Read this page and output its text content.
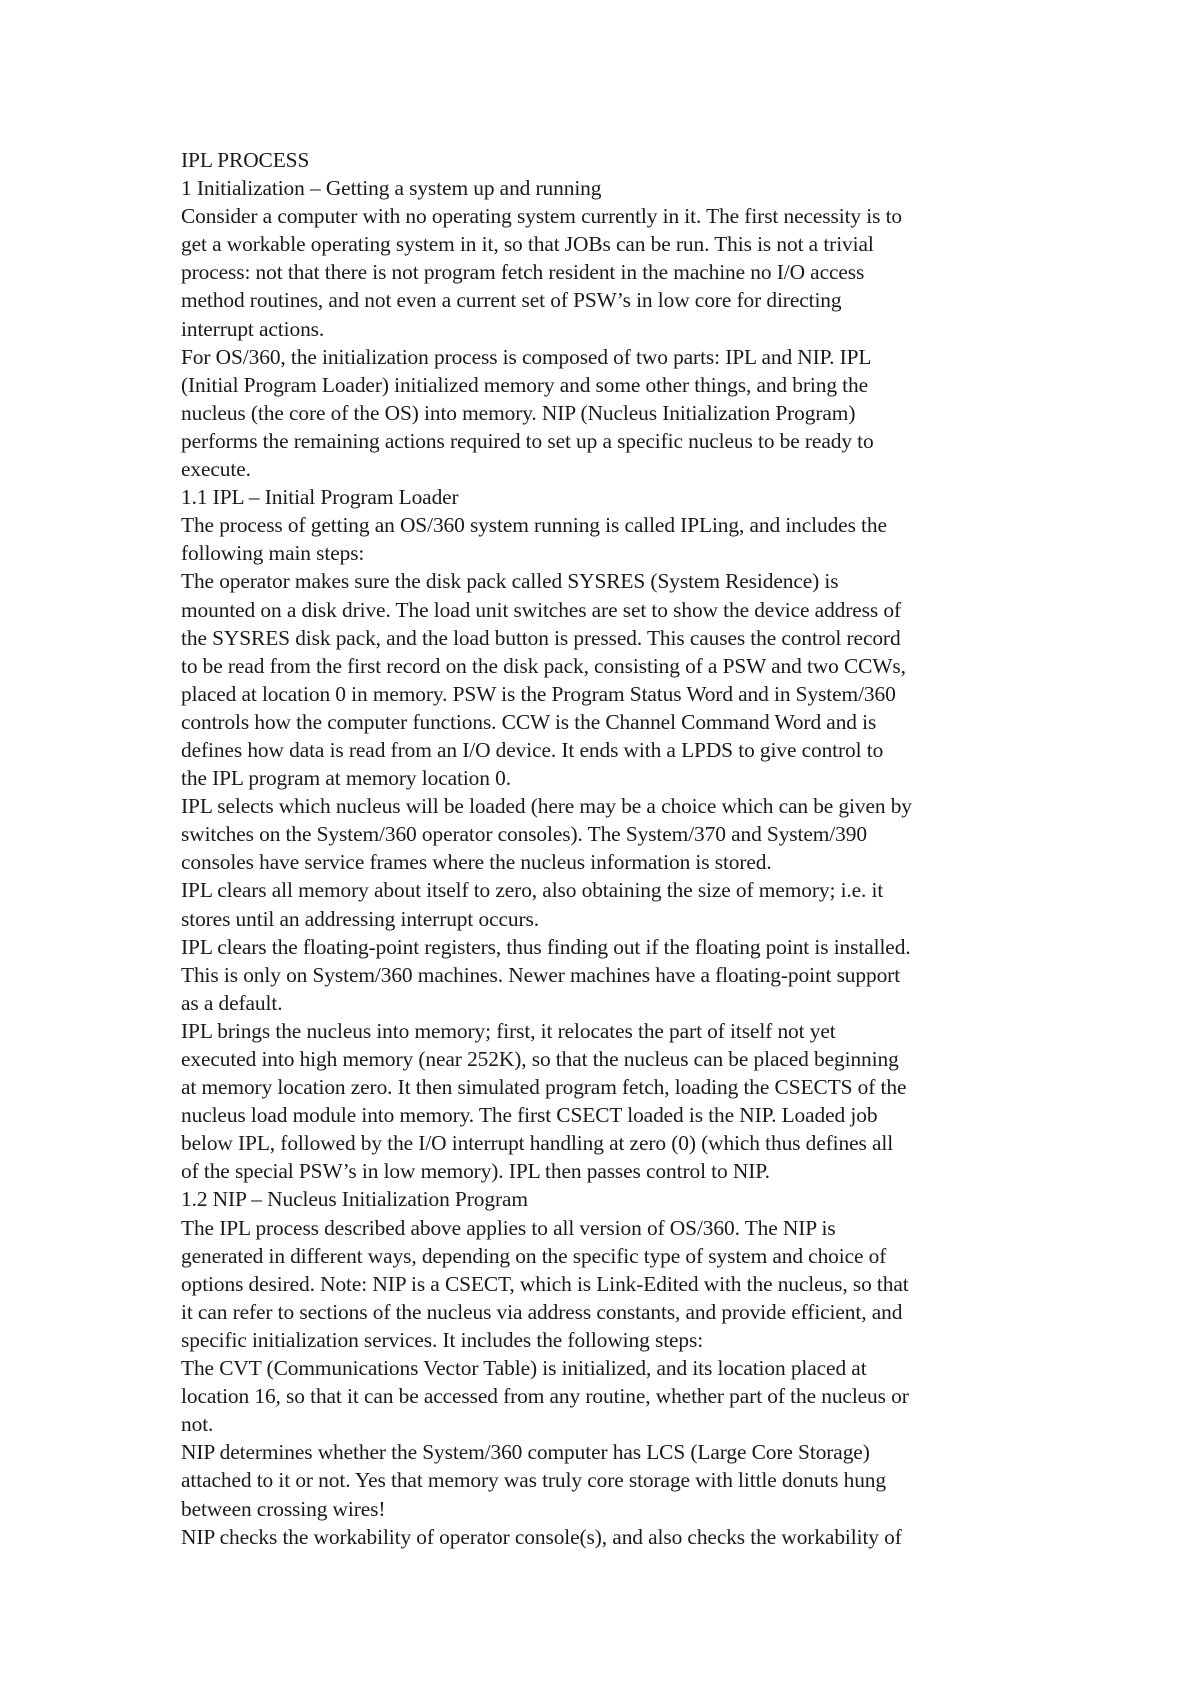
IPL PROCESS
1 Initialization – Getting a system up and running
Consider a computer with no operating system currently in it. The first necessity is to
get a workable operating system in it, so that JOBs can be run. This is not a trivial
process: not that there is not program fetch resident in the machine no I/O access
method routines, and not even a current set of PSW’s in low core for directing
interrupt actions.
For OS/360, the initialization process is composed of two parts: IPL and NIP. IPL
(Initial Program Loader) initialized memory and some other things, and bring the
nucleus (the core of the OS) into memory. NIP (Nucleus Initialization Program)
performs the remaining actions required to set up a specific nucleus to be ready to
execute.
1.1 IPL – Initial Program Loader
The process of getting an OS/360 system running is called IPLing, and includes the
following main steps:
The operator makes sure the disk pack called SYSRES (System Residence) is
mounted on a disk drive. The load unit switches are set to show the device address of
the SYSRES disk pack, and the load button is pressed. This causes the control record
to be read from the first record on the disk pack, consisting of a PSW and two CCWs,
placed at location 0 in memory. PSW is the Program Status Word and in System/360
controls how the computer functions. CCW is the Channel Command Word and is
defines how data is read from an I/O device. It ends with a LPDS to give control to
the IPL program at memory location 0.
IPL selects which nucleus will be loaded (here may be a choice which can be given by
switches on the System/360 operator consoles). The System/370 and System/390
consoles have service frames where the nucleus information is stored.
IPL clears all memory about itself to zero, also obtaining the size of memory; i.e. it
stores until an addressing interrupt occurs.
IPL clears the floating-point registers, thus finding out if the floating point is installed.
This is only on System/360 machines. Newer machines have a floating-point support
as a default.
IPL brings the nucleus into memory; first, it relocates the part of itself not yet
executed into high memory (near 252K), so that the nucleus can be placed beginning
at memory location zero. It then simulated program fetch, loading the CSECTS of the
nucleus load module into memory. The first CSECT loaded is the NIP. Loaded job
below IPL, followed by the I/O interrupt handling at zero (0) (which thus defines all
of the special PSW’s in low memory). IPL then passes control to NIP.
1.2 NIP – Nucleus Initialization Program
The IPL process described above applies to all version of OS/360. The NIP is
generated in different ways, depending on the specific type of system and choice of
options desired. Note: NIP is a CSECT, which is Link-Edited with the nucleus, so that
it can refer to sections of the nucleus via address constants, and provide efficient, and
specific initialization services. It includes the following steps:
The CVT (Communications Vector Table) is initialized, and its location placed at
location 16, so that it can be accessed from any routine, whether part of the nucleus or
not.
NIP determines whether the System/360 computer has LCS (Large Core Storage)
attached to it or not. Yes that memory was truly core storage with little donuts hung
between crossing wires!
NIP checks the workability of operator console(s), and also checks the workability of
